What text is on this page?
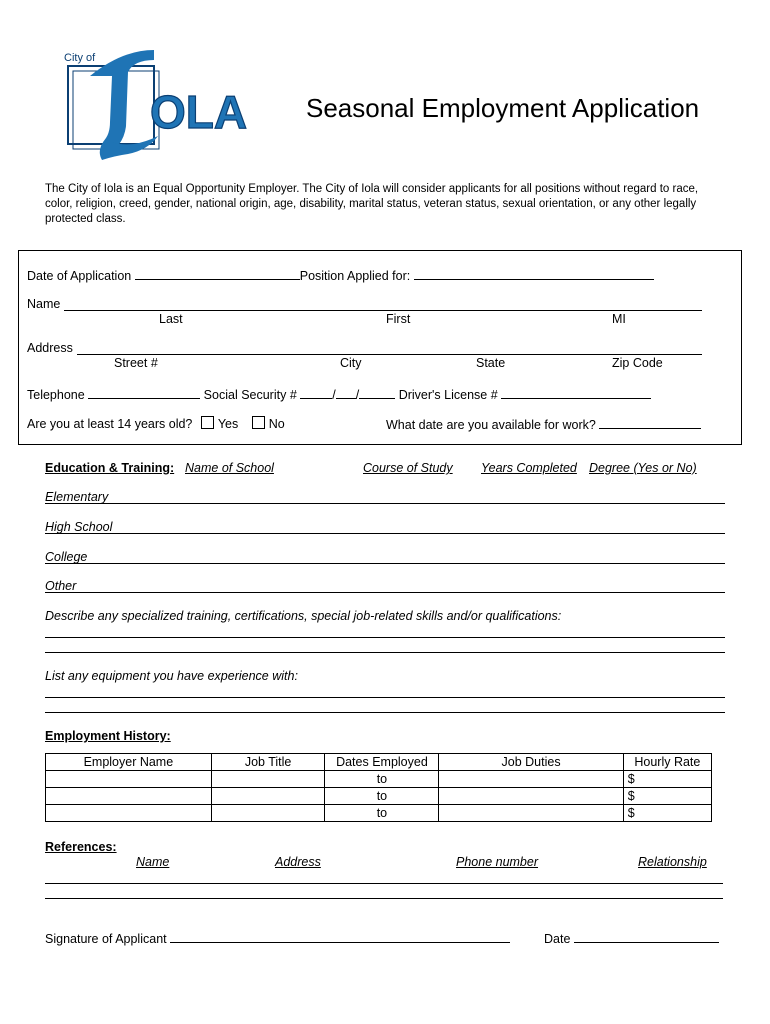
OLA
City of
Seasonal Employment Application
The City of Iola is an Equal Opportunity Employer. The City of Iola will consider applicants for all positions without regard to race,
color, religion, creed, gender, national origin, age, disability, marital status, veteran status, sexual orientation, or any other legally
protected class.
Date of Application	Position Applied for:
Name
Last	First	MI
Address
Street #	City	State	Zip Code
Telephone	Social Security #	/ /	Driver's License #
Are you at least 14 years old? Yes No	What date are you available for work?
Education & Training: Name of School	Course of Study Years Completed Degree (Yes or No)
Elementary
High School
College
Other
Describe any specialized training, certifications, special job-related skills and/or qualifications:
List any equipment you have experience with:
Employment History:
Employer Name	Job Title	Dates Employed	Job Duties	Hourly Rate
		to		$
		to		$
		to		$
References:
Name	Address	Phone number	Relationship
Signature of Applicant	Date
